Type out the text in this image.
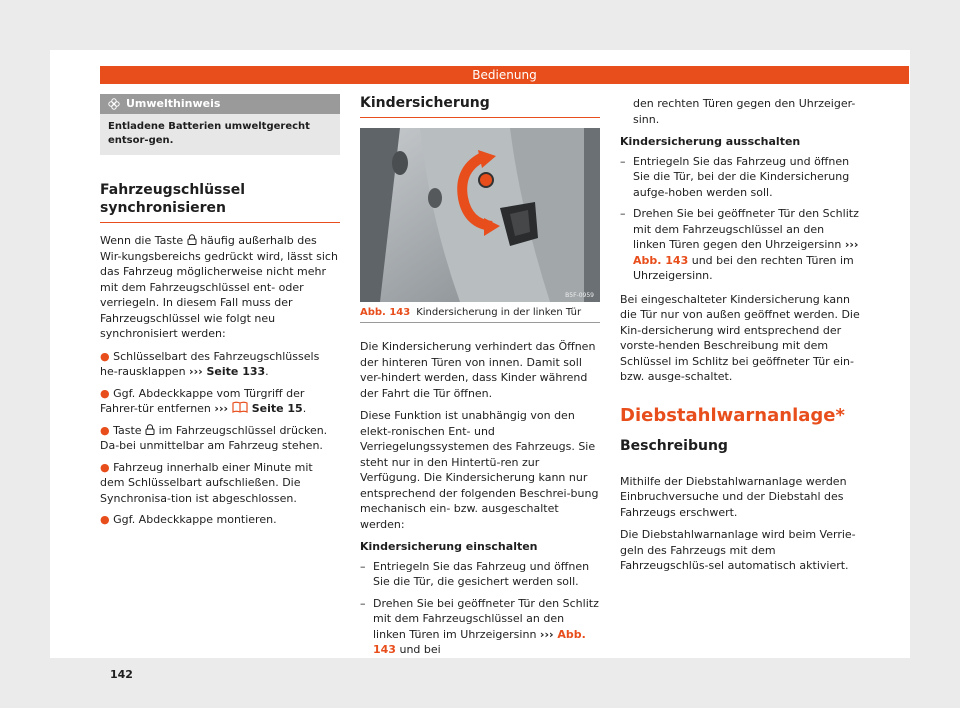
Bedienung
Umwelthinweis
Entladene Batterien umweltgerecht entsor-gen.
Fahrzeugschlüssel synchronisieren

Wenn die Taste häufig außerhalb des Wir-kungsbereichs gedrückt wird, lässt sich das Fahrzeug möglicherweise nicht mehr mit dem Fahrzeugschlüssel ent- oder verriegeln. In diesem Fall muss der Fahrzeugschlüssel wie folgt neu synchronisiert werden:

● Schlüsselbart des Fahrzeugschlüssels he-rausklappen ››› Seite 133.
● Ggf. Abdeckkappe vom Türgriff der Fahrer-tür entfernen ››› Seite 15.
● Taste im Fahrzeugschlüssel drücken. Da-bei unmittelbar am Fahrzeug stehen.
● Fahrzeug innerhalb einer Minute mit dem Schlüsselbart aufschließen. Die Synchronisa-tion ist abgeschlossen.
● Ggf. Abdeckkappe montieren.
Kindersicherung
B5F-0959
Abb. 143 Kindersicherung in der linken Tür

Die Kindersicherung verhindert das Öffnen der hinteren Türen von innen. Damit soll ver-hindert werden, dass Kinder während der Fahrt die Tür öffnen.

Diese Funktion ist unabhängig von den elekt-ronischen Ent- und Verriegelungssystemen des Fahrzeugs. Sie steht nur in den Hintertü-ren zur Verfügung. Die Kindersicherung kann nur entsprechend der folgenden Beschrei-bung mechanisch ein- bzw. ausgeschaltet werden:

Kindersicherung einschalten
– Entriegeln Sie das Fahrzeug und öffnen Sie die Tür, die gesichert werden soll.
– Drehen Sie bei geöffneter Tür den Schlitz mit dem Fahrzeugschlüssel an den linken Türen im Uhrzeigersinn ››› Abb. 143 und bei

den rechten Türen gegen den Uhrzeiger-sinn.

Kindersicherung ausschalten
– Entriegeln Sie das Fahrzeug und öffnen Sie die Tür, bei der die Kindersicherung aufge-hoben werden soll.
– Drehen Sie bei geöffneter Tür den Schlitz mit dem Fahrzeugschlüssel an den linken Türen gegen den Uhrzeigersinn ››› Abb. 143 und bei den rechten Türen im Uhrzeigersinn.

Bei eingeschalteter Kindersicherung kann die Tür nur von außen geöffnet werden. Die Kin-dersicherung wird entsprechend der vorste-henden Beschreibung mit dem Schlüssel im Schlitz bei geöffneter Tür ein- bzw. ausge-schaltet.

Diebstahlwarnanlage*
Beschreibung

Mithilfe der Diebstahlwarnanlage werden Einbruchversuche und der Diebstahl des Fahrzeugs erschwert.

Die Diebstahlwarnanlage wird beim Verrie-geln des Fahrzeugs mit dem Fahrzeugschlüs-sel automatisch aktiviert.

142
